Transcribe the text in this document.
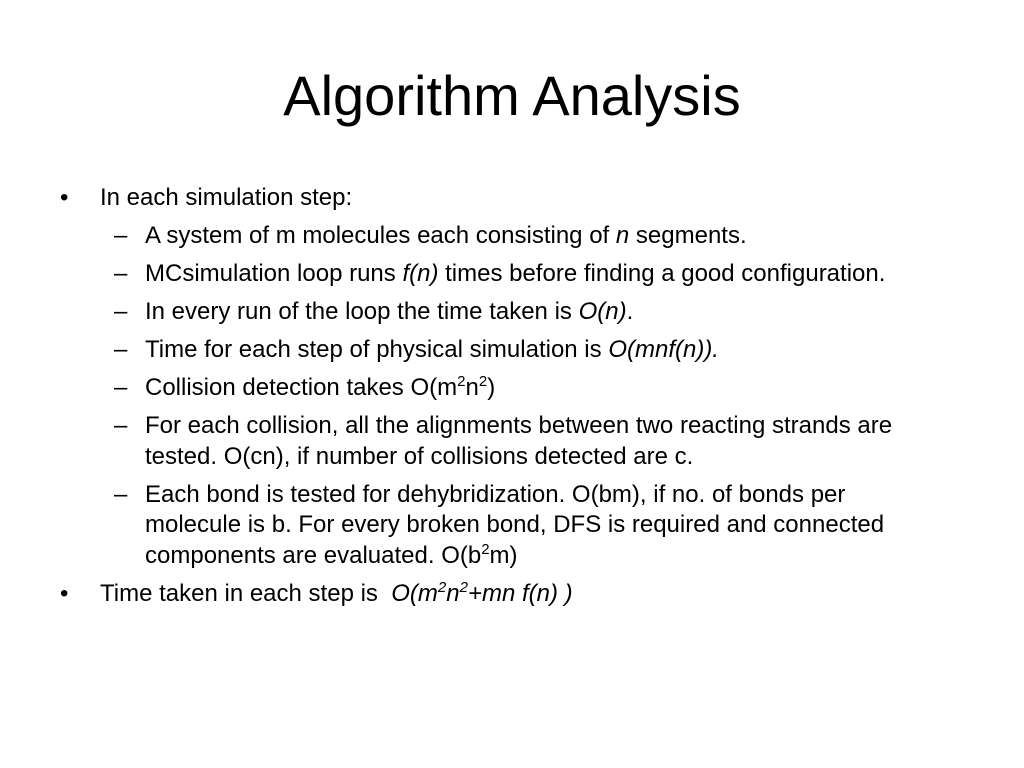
Algorithm Analysis
• In each simulation step:
– A system of m molecules each consisting of n segments.
– MCsimulation loop runs f(n) times before finding a good configuration.
– In every run of the loop the time taken is O(n).
– Time for each step of physical simulation is O(mnf(n)).
– Collision detection takes $O(m^2n^2)$
– For each collision, all the alignments between two reacting strands are tested. O(cn), if number of collisions detected are c.
– Each bond is tested for dehybridization. O(bm), if no. of bonds per molecule is b. For every broken bond, DFS is required and connected components are evaluated. $O(b^2m)$
• Time taken in each step is  $O(m^2n^2+mn$ f(n) )
